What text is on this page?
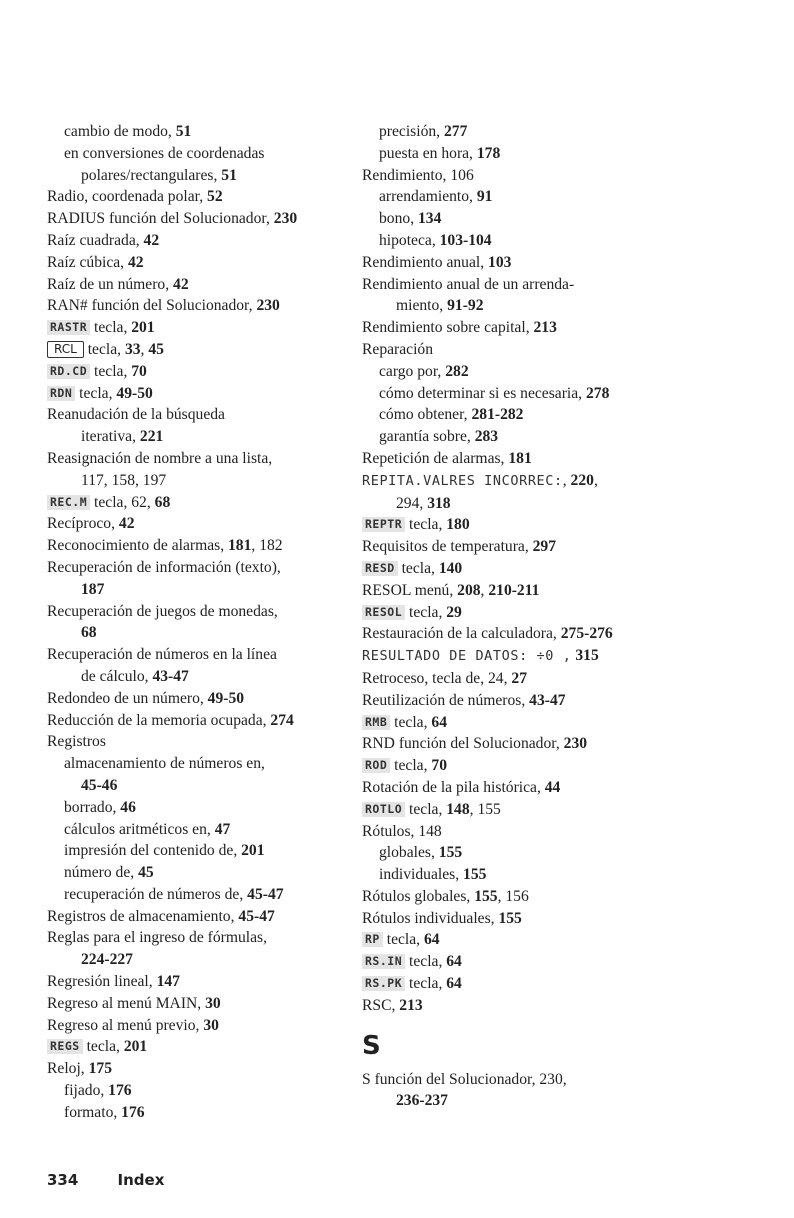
cambio de modo, 51
en conversiones de coordenadas
polares/rectangulares, 51
Radio, coordenada polar, 52
RADIUS función del Solucionador, 230
Raíz cuadrada, 42
Raíz cúbica, 42
Raíz de un número, 42
RAN# función del Solucionador, 230
RASTR tecla, 201
RCL tecla, 33, 45
RD.CD tecla, 70
RDN tecla, 49-50
Reanudación de la búsqueda
iterativa, 221
Reasignación de nombre a una lista,
117, 158, 197
REC.M tecla, 62, 68
Recíproco, 42
Reconocimiento de alarmas, 181, 182
Recuperación de información (texto),
187
Recuperación de juegos de monedas,
68
Recuperación de números en la línea
de cálculo, 43-47
Redondeo de un número, 49-50
Reducción de la memoria ocupada, 274
Registros
almacenamiento de números en,
45-46
borrado, 46
cálculos aritméticos en, 47
impresión del contenido de, 201
número de, 45
recuperación de números de, 45-47
Registros de almacenamiento, 45-47
Reglas para el ingreso de fórmulas,
224-227
Regresión lineal, 147
Regreso al menú MAIN, 30
Regreso al menú previo, 30
REGS tecla, 201
Reloj, 175
fijado, 176
formato, 176
precisión, 277
puesta en hora, 178
Rendimiento, 106
arrendamiento, 91
bono, 134
hipoteca, 103-104
Rendimiento anual, 103
Rendimiento anual de un arrenda-
miento, 91-92
Rendimiento sobre capital, 213
Reparación
cargo por, 282
cómo determinar si es necesaria, 278
cómo obtener, 281-282
garantía sobre, 283
Repetición de alarmas, 181
REPITA.VALRES INCORREC:, 220,
294, 318
REPTR tecla, 180
Requisitos de temperatura, 297
RESD tecla, 140
RESOL menú, 208, 210-211
RESOL tecla, 29
Restauración de la calculadora, 275-276
RESULTADO DE DATOS: ÷0 , 315
Retroceso, tecla de, 24, 27
Reutilización de números, 43-47
RMB tecla, 64
RND función del Solucionador, 230
ROD tecla, 70
Rotación de la pila histórica, 44
ROTLO tecla, 148, 155
Rótulos, 148
globales, 155
individuales, 155
Rótulos globales, 155, 156
Rótulos individuales, 155
RP tecla, 64
RS.IN tecla, 64
RS.PK tecla, 64
RSC, 213
S
S función del Solucionador, 230,
236-237
334	Index
